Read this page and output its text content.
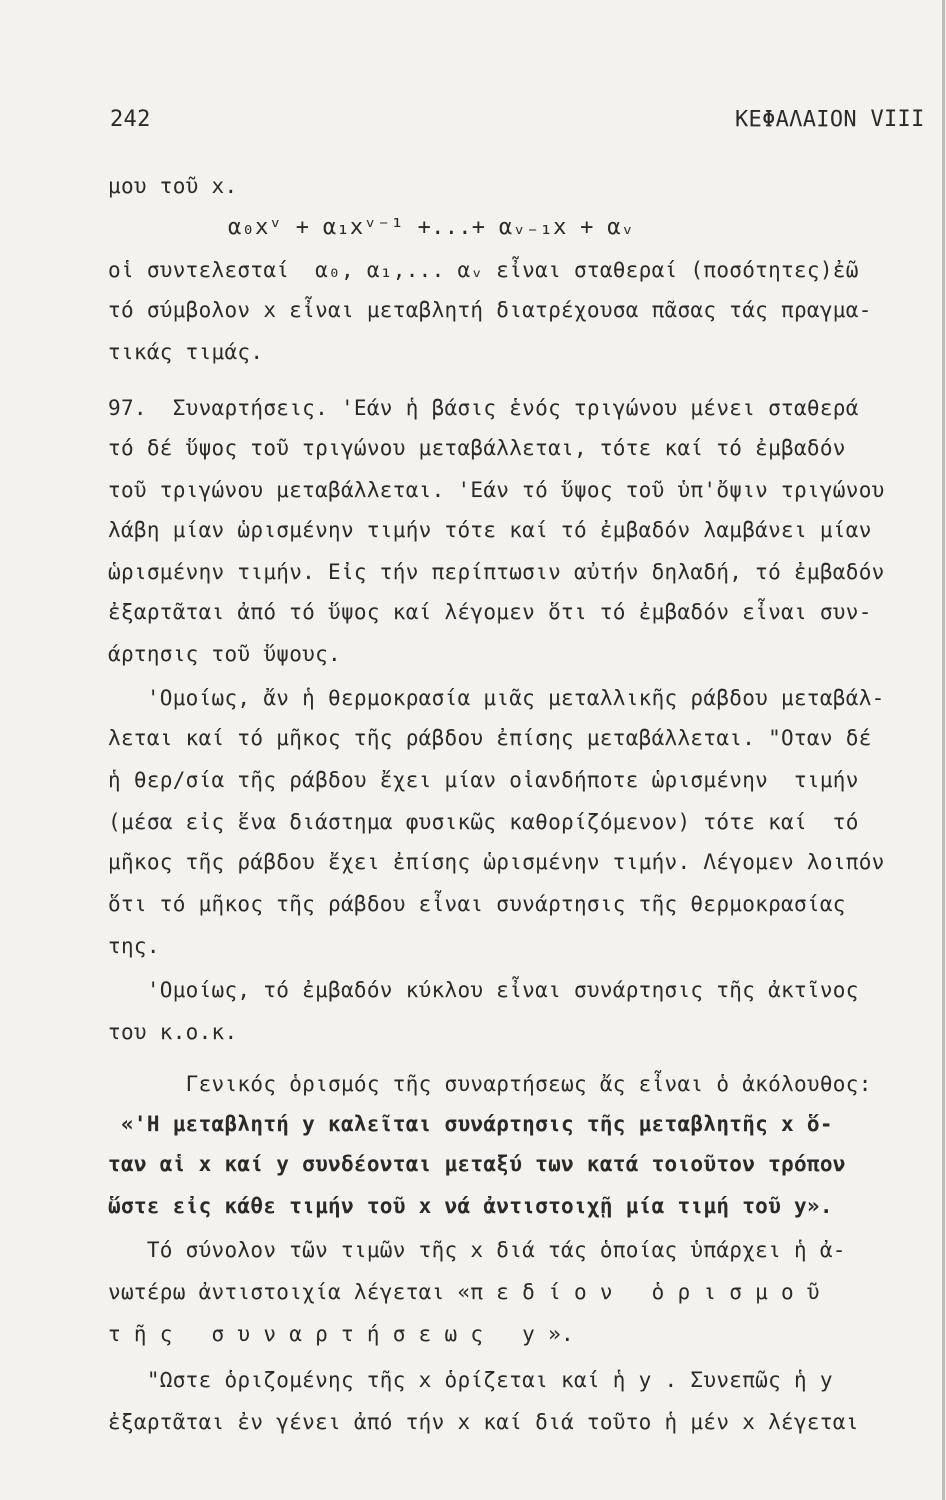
242	ΚΕΦΑΛΑΙΟΝ VIII
μου τοῦ x.
α₀xᵛ + α₁xᵛ⁻¹ +...+ αᵥ₋₁x + αᵥ
οἱ συντελεσταί  α₀, α₁,... αᵥ εἶναι σταθεραί (ποσότητες)ἐῶ
τό σύμβολον x εἶναι μεταβλητή διατρέχουσα πᾶσας τάς πραγμα-
τικάς τιμάς.
97.  Συναρτήσεις. 'Εάν ἡ βάσις ἑνός τριγώνου μένει σταθερά
τό δέ ὕψος τοῦ τριγώνου μεταβάλλεται, τότε καί τό ἐμβαδόν
τοῦ τριγώνου μεταβάλλεται. 'Εάν τό ὕψος τοῦ ὑπ'ὄψιν τριγώνου
λάβη μίαν ὡρισμένην τιμήν τότε καί τό ἐμβαδόν λαμβάνει μίαν
ὡρισμένην τιμήν. Εἰς τήν περίπτωσιν αὐτήν δηλαδή, τό ἐμβαδόν
ἐξαρτᾶται ἀπό τό ὕψος καί λέγομεν ὅτι τό ἐμβαδόν εἶναι συν-
άρτησις τοῦ ὕψους.
'Ομοίως, ἄν ἡ θερμοκρασία μιᾶς μεταλλικῆς ράβδου μεταβάλ-
λεται καί τό μῆκος τῆς ράβδου ἐπίσης μεταβάλλεται. "Οταν δέ
ἡ θερ/σία τῆς ράβδου ἔχει μίαν οἱανδήποτε ὡρισμένην  τιμήν
(μέσα εἰς ἕνα διάστημα φυσικῶς καθορίζόμενον) τότε καί  τό
μῆκος τῆς ράβδου ἔχει ἐπίσης ὡρισμένην τιμήν. Λέγομεν λοιπόν
ὅτι τό μῆκος τῆς ράβδου εἶναι συνάρτησις τῆς θερμοκρασίας
της.
'Ομοίως, τό ἐμβαδόν κύκλου εἶναι συνάρτησις τῆς ἀκτῖνος
του κ.ο.κ.
Γενικός ὁρισμός τῆς συναρτήσεως ἄς εἶναι ὁ ἀκόλουθος:
«'Η μεταβλητή y καλεῖται συνάρτησις τῆς μεταβλητῆς x ὅ-
ταν αἱ x καί y συνδέονται μεταξύ των κατά τοιοῦτον τρόπον
ὥστε εἰς κάθε τιμήν τοῦ x νά ἀντιστοιχῇ μία τιμή τοῦ y».
Τό σύνολον τῶν τιμῶν τῆς x διά τάς ὁποίας ὑπάρχει ἡ ἀ-
νωτέρω ἀντιστοιχία λέγεται «π ε δ ί ο ν   ὁ ρ ι σ μ ο ῦ
τ ῆ ς   σ υ ν α ρ τ ή σ ε ω ς   y ».
"Ωστε ὁριζομένης τῆς x ὁρίζεται καί ἡ y . Συνεπῶς ἡ y
ἐξαρτᾶται ἐν γένει ἀπό τήν x καί διά τοῦτο ἡ μέν x λέγεται
